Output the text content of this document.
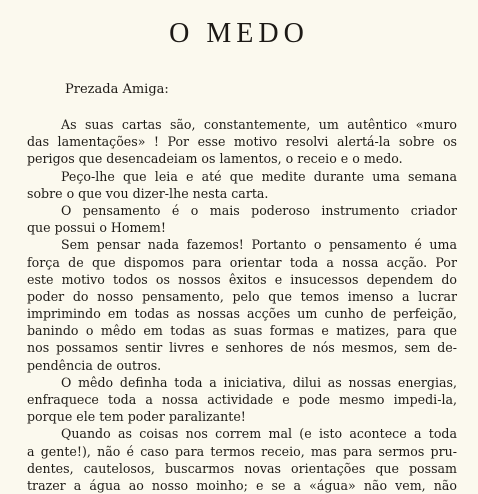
O MEDO
Prezada Amiga:
As suas cartas são, constantemente, um autêntico «muro
das lamentações» ! Por esse motivo resolvi alertá-la sobre os
perigos que desencadeiam os lamentos, o receio e o medo.
Peço-lhe que leia e até que medite durante uma semana
sobre o que vou dizer-lhe nesta carta.
O pensamento é o mais poderoso instrumento criador
que possui o Homem!
Sem pensar nada fazemos! Portanto o pensamento é uma
força de que dispomos para orientar toda a nossa acção. Por
este motivo todos os nossos êxitos e insucessos dependem do
poder do nosso pensamento, pelo que temos imenso a lucrar
imprimindo em todas as nossas acções um cunho de perfeição,
banindo o mêdo em todas as suas formas e matizes, para que
nos possamos sentir livres e senhores de nós mesmos, sem de-
pendência de outros.
O mêdo definha toda a iniciativa, dilui as nossas energias,
enfraquece toda a nossa actividade e pode mesmo impedi-la,
porque ele tem poder paralizante!
Quando as coisas nos correm mal (e isto acontece a toda
a gente!), não é caso para termos receio, mas para sermos pru-
dentes, cautelosos, buscarmos novas orientações que possam
trazer a água ao nosso moinho; e se a «água» não vem, não
